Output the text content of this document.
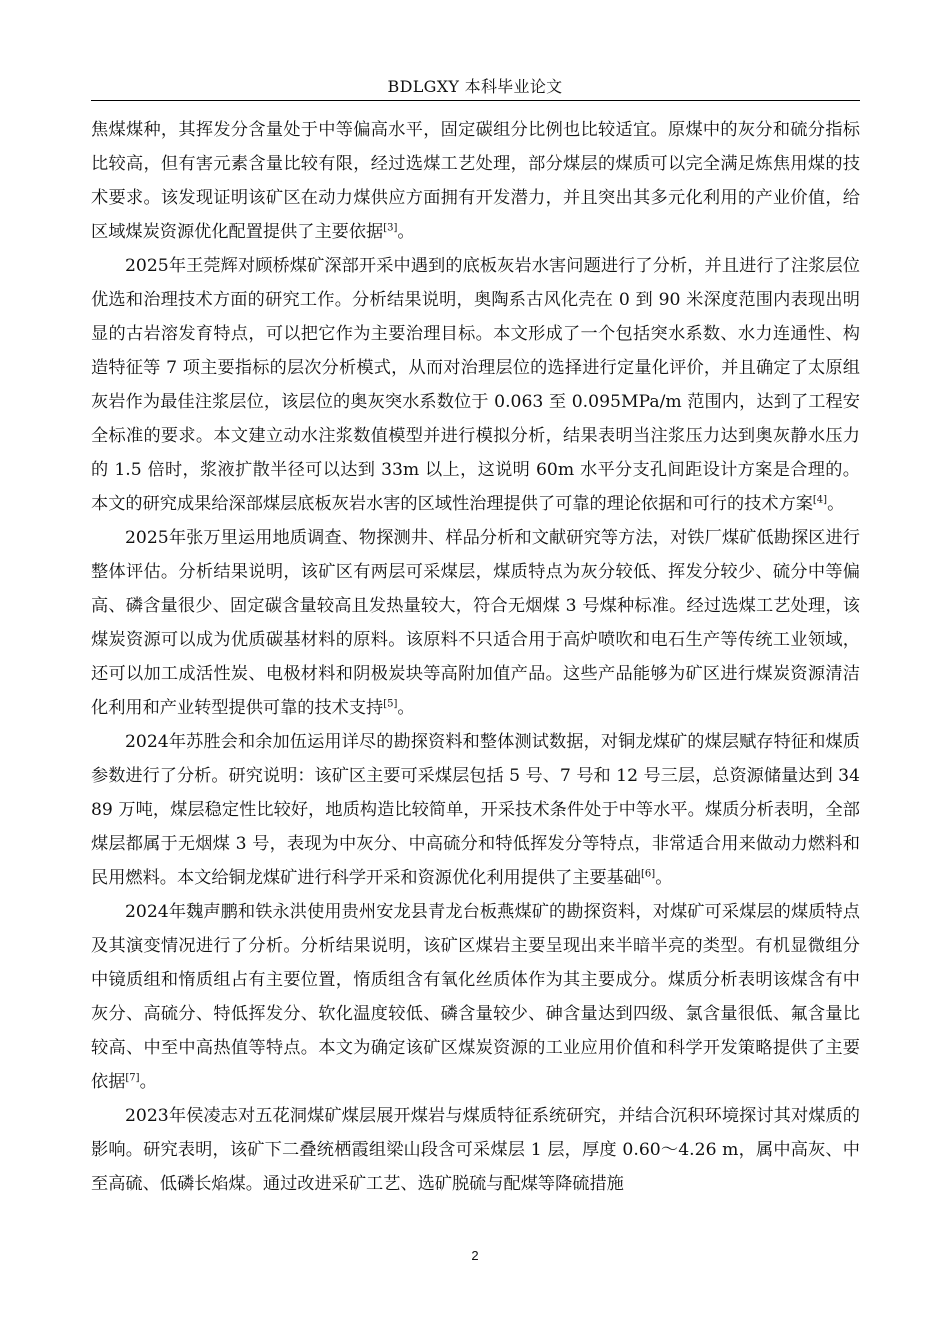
BDLGXY 本科毕业论文

焦煤煤种，其挥发分含量处于中等偏高水平，固定碳组分比例也比较适宜。原煤中的灰分和硫分指标比较高，但有害元素含量比较有限，经过选煤工艺处理，部分煤层的煤质可以完全满足炼焦用煤的技术要求。该发现证明该矿区在动力煤供应方面拥有开发潜力，并且突出其多元化利用的产业价值，给区域煤炭资源优化配置提供了主要依据[3]。

2025年王莞辉对顾桥煤矿深部开采中遇到的底板灰岩水害问题进行了分析，并且进行了注浆层位优选和治理技术方面的研究工作。分析结果说明，奥陶系古风化壳在 0 到 90 米深度范围内表现出明显的古岩溶发育特点，可以把它作为主要治理目标。本文形成了一个包括突水系数、水力连通性、构造特征等 7 项主要指标的层次分析模式，从而对治理层位的选择进行定量化评价，并且确定了太原组灰岩作为最佳注浆层位，该层位的奥灰突水系数位于 0.063 至 0.095MPa/m 范围内，达到了工程安全标准的要求。本文建立动水注浆数值模型并进行模拟分析，结果表明当注浆压力达到奥灰静水压力的 1.5 倍时，浆液扩散半径可以达到 33m 以上，这说明 60m 水平分支孔间距设计方案是合理的。本文的研究成果给深部煤层底板灰岩水害的区域性治理提供了可靠的理论依据和可行的技术方案[4]。

2025年张万里运用地质调查、物探测井、样品分析和文献研究等方法，对铁厂煤矿低勘探区进行整体评估。分析结果说明，该矿区有两层可采煤层，煤质特点为灰分较低、挥发分较少、硫分中等偏高、磷含量很少、固定碳含量较高且发热量较大，符合无烟煤 3 号煤种标准。经过选煤工艺处理，该煤炭资源可以成为优质碳基材料的原料。该原料不只适合用于高炉喷吹和电石生产等传统工业领域，还可以加工成活性炭、电极材料和阴极炭块等高附加值产品。这些产品能够为矿区进行煤炭资源清洁化利用和产业转型提供可靠的技术支持[5]。

2024年苏胜会和余加伍运用详尽的勘探资料和整体测试数据，对铜龙煤矿的煤层赋存特征和煤质参数进行了分析。研究说明：该矿区主要可采煤层包括 5 号、7 号和 12 号三层，总资源储量达到 3489 万吨，煤层稳定性比较好，地质构造比较简单，开采技术条件处于中等水平。煤质分析表明，全部煤层都属于无烟煤 3 号，表现为中灰分、中高硫分和特低挥发分等特点，非常适合用来做动力燃料和民用燃料。本文给铜龙煤矿进行科学开采和资源优化利用提供了主要基础[6]。

2024年魏声鹏和铁永洪使用贵州安龙县青龙台板燕煤矿的勘探资料，对煤矿可采煤层的煤质特点及其演变情况进行了分析。分析结果说明，该矿区煤岩主要呈现出来半暗半亮的类型。有机显微组分中镜质组和惰质组占有主要位置，惰质组含有氧化丝质体作为其主要成分。煤质分析表明该煤含有中灰分、高硫分、特低挥发分、软化温度较低、磷含量较少、砷含量达到四级、氯含量很低、氟含量比较高、中至中高热值等特点。本文为确定该矿区煤炭资源的工业应用价值和科学开发策略提供了主要依据[7]。

2023年侯凌志对五花洞煤矿煤层展开煤岩与煤质特征系统研究，并结合沉积环境探讨其对煤质的影响。研究表明，该矿下二叠统栖霞组梁山段含可采煤层 1 层，厚度 0.60～4.26 m，属中高灰、中至高硫、低磷长焰煤。通过改进采矿工艺、选矿脱硫与配煤等降硫措施

2
